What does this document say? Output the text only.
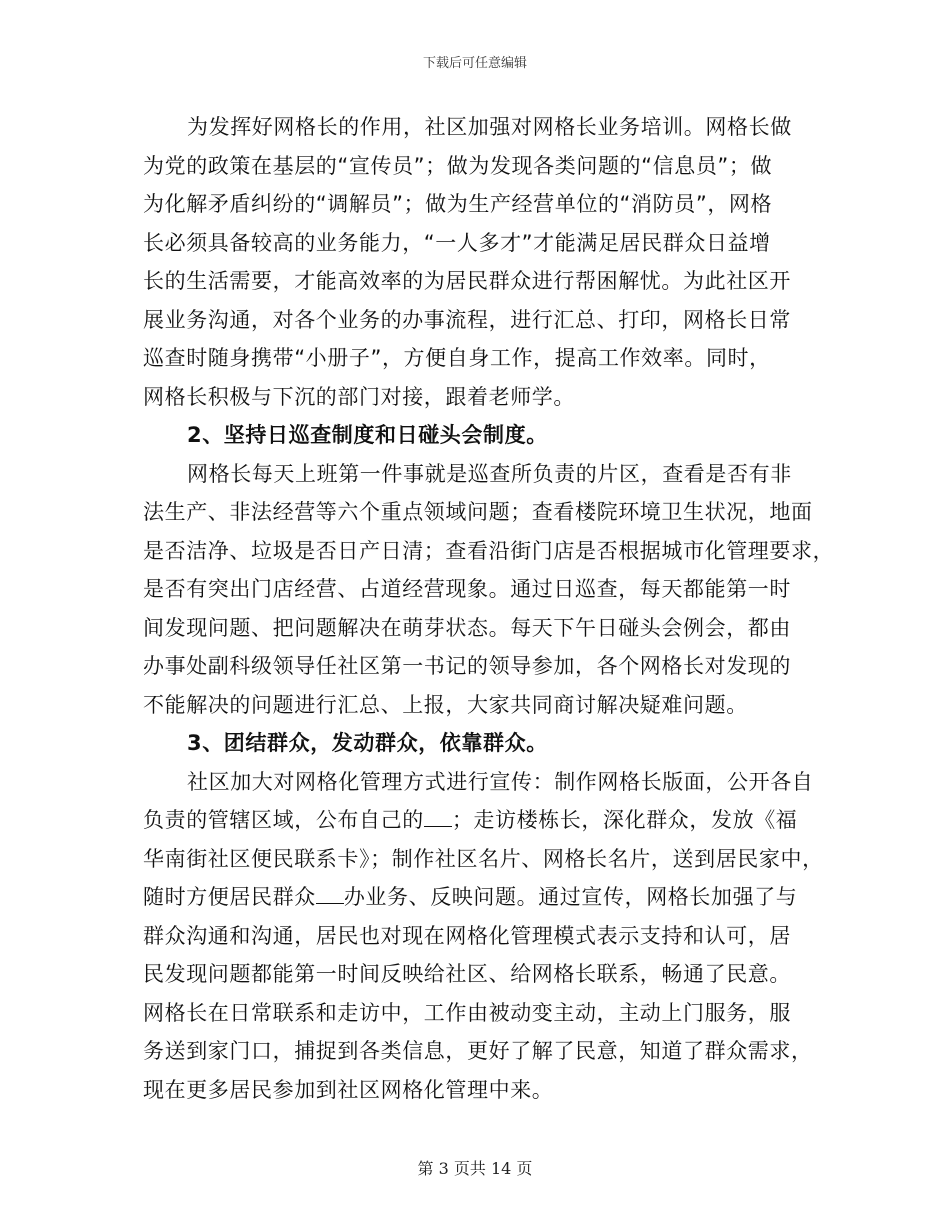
下载后可任意编辑
为发挥好网格长的作用，社区加强对网格长业务培训。网格长做
为党的政策在基层的“宣传员”；做为发现各类问题的“信息员”；做
为化解矛盾纠纷的“调解员”；做为生产经营单位的“消防员”，网格
长必须具备较高的业务能力，“一人多才”才能满足居民群众日益增
长的生活需要，才能高效率的为居民群众进行帮困解忧。为此社区开
展业务沟通，对各个业务的办事流程，进行汇总、打印，网格长日常
巡查时随身携带“小册子”，方便自身工作，提高工作效率。同时，
网格长积极与下沉的部门对接，跟着老师学。
2、坚持日巡查制度和日碰头会制度。
网格长每天上班第一件事就是巡查所负责的片区，查看是否有非
法生产、非法经营等六个重点领域问题；查看楼院环境卫生状况，地面
是否洁净、垃圾是否日产日清；查看沿街门店是否根据城市化管理要求，
是否有突出门店经营、占道经营现象。通过日巡查，每天都能第一时
间发现问题、把问题解决在萌芽状态。每天下午日碰头会例会，都由
办事处副科级领导任社区第一书记的领导参加，各个网格长对发现的
不能解决的问题进行汇总、上报，大家共同商讨解决疑难问题。
3、团结群众，发动群众，依靠群众。
社区加大对网格化管理方式进行宣传：制作网格长版面，公开各自
负责的管辖区域，公布自己的 ；走访楼栋长，深化群众，发放《福
华南街社区便民联系卡》；制作社区名片、网格长名片，送到居民家中，
随时方便居民群众 办业务、反映问题。通过宣传，网格长加强了与
群众沟通和沟通，居民也对现在网格化管理模式表示支持和认可，居
民发现问题都能第一时间反映给社区、给网格长联系，畅通了民意。
网格长在日常联系和走访中，工作由被动变主动，主动上门服务，服
务送到家门口，捕捉到各类信息，更好了解了民意，知道了群众需求，
现在更多居民参加到社区网格化管理中来。
第 3 页共 14 页
